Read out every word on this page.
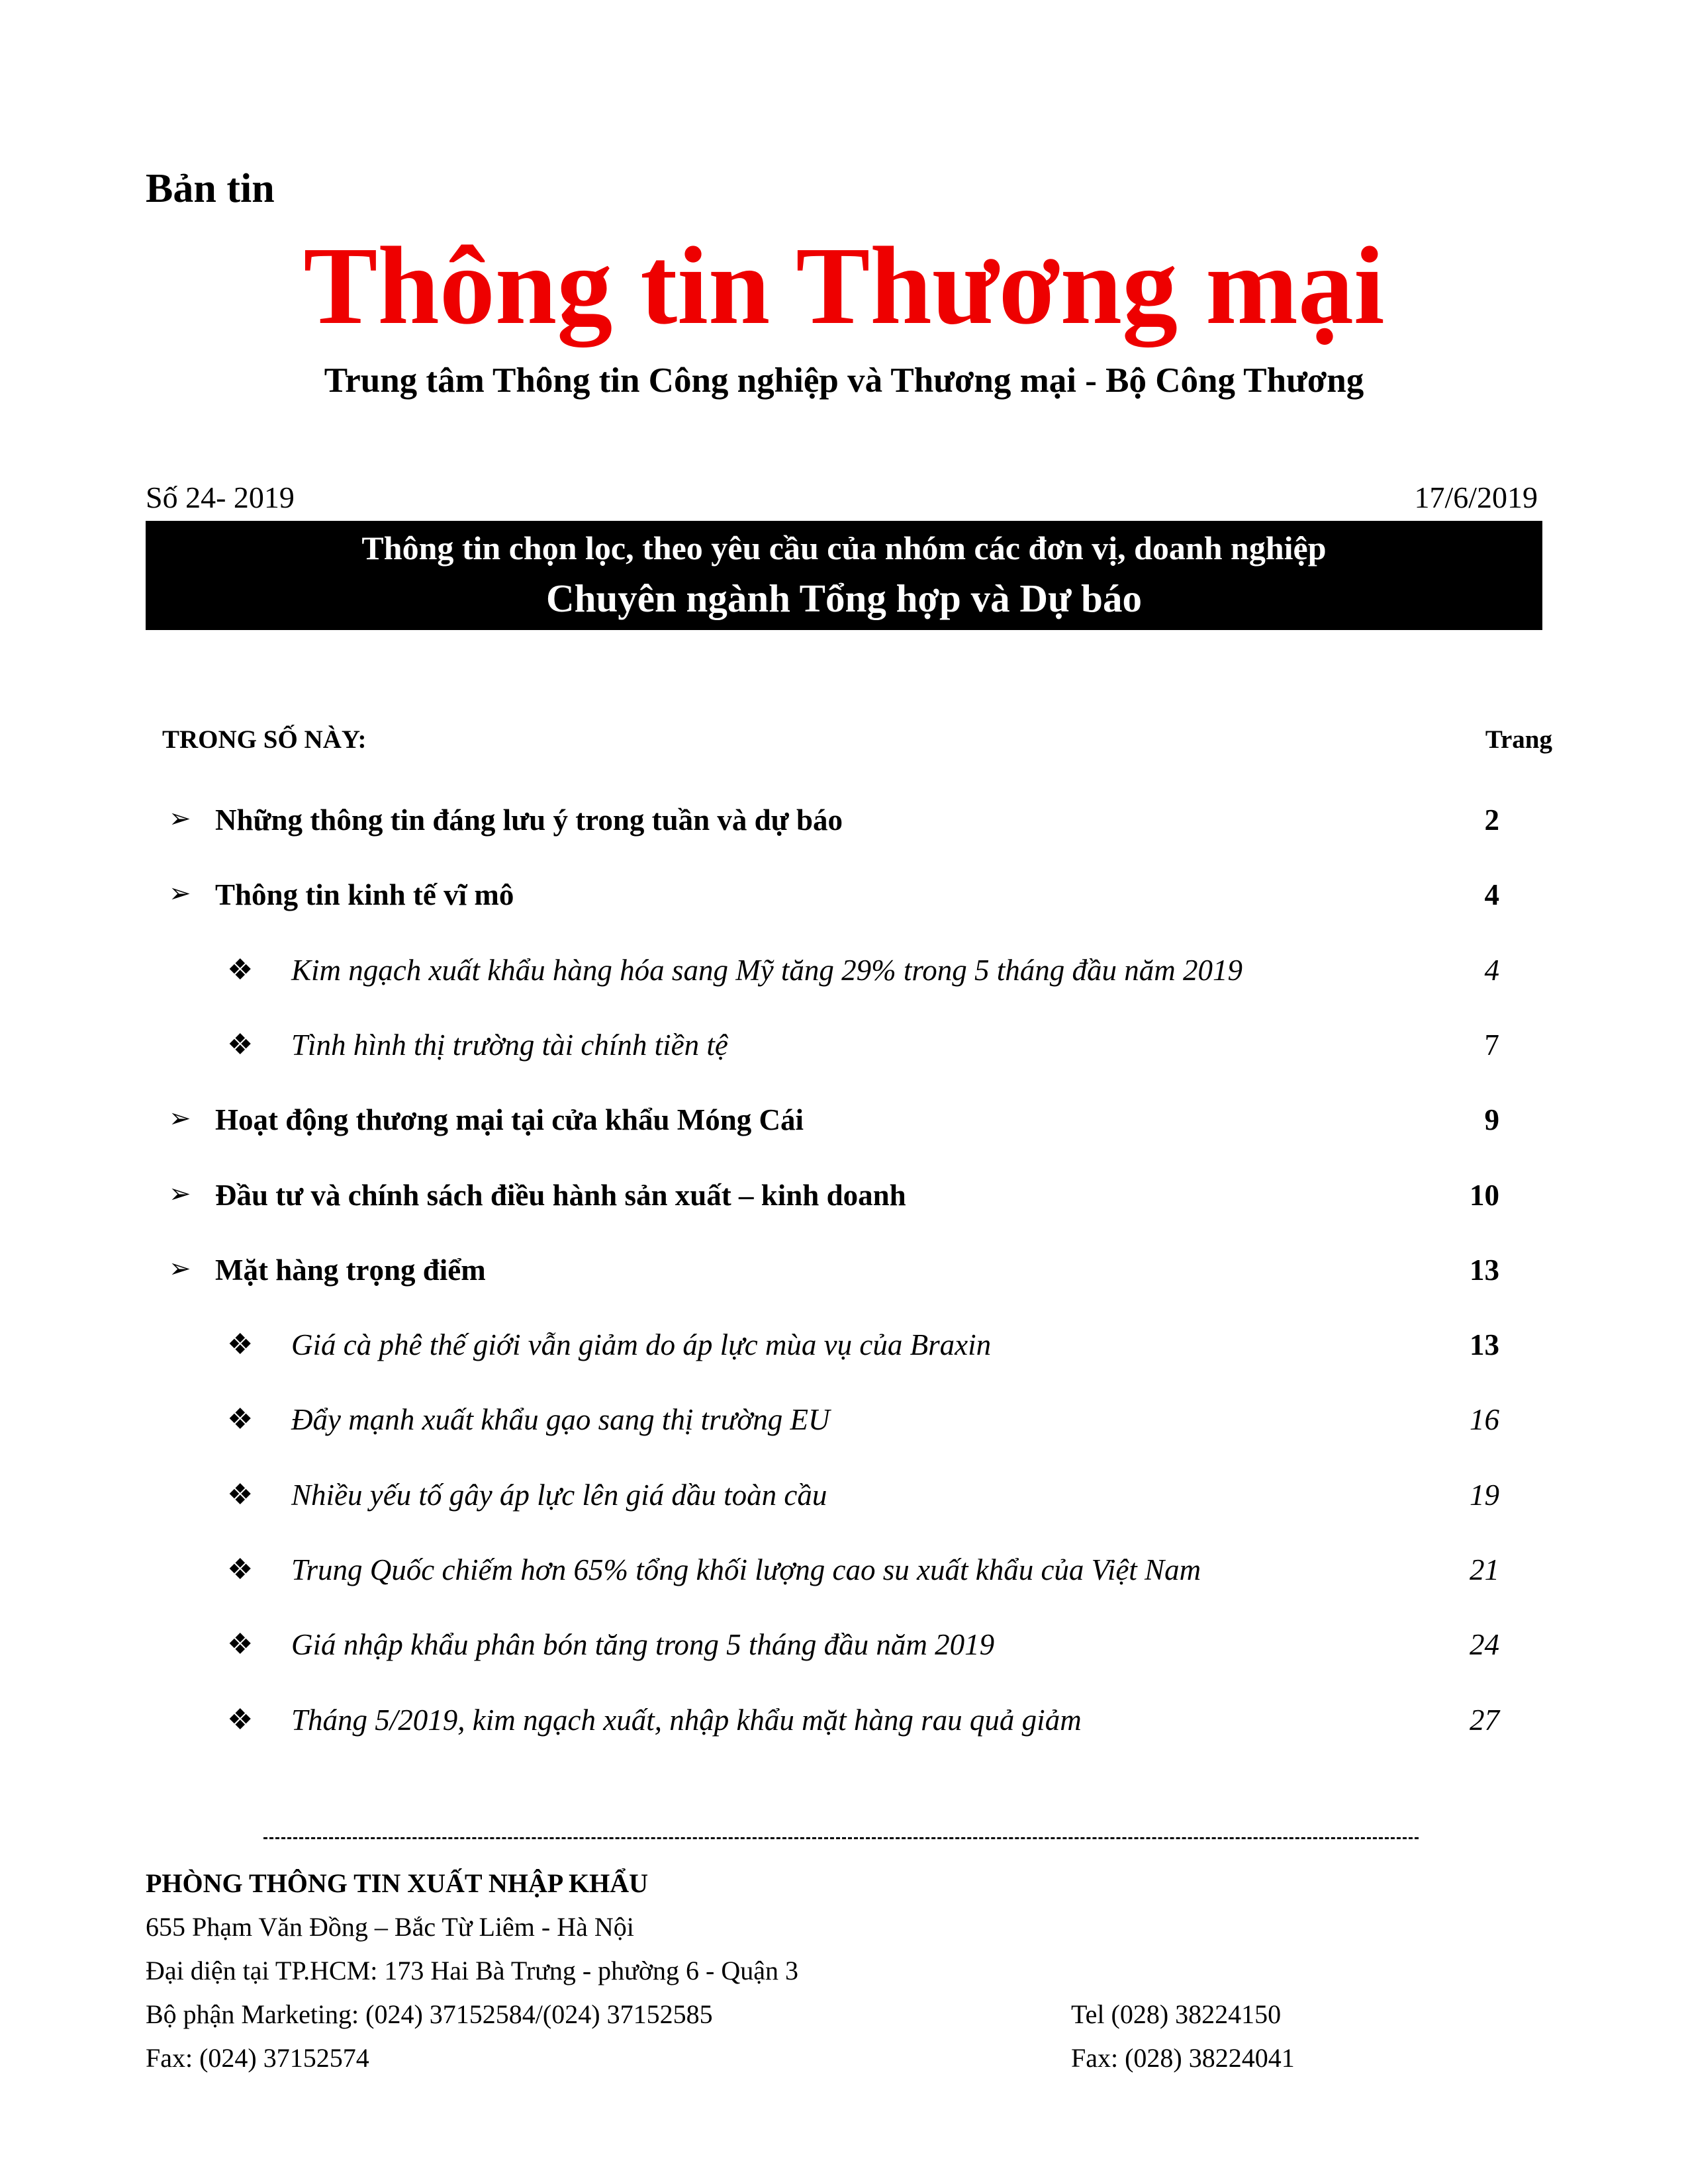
Bản tin
Thông tin Thương mại
Trung tâm Thông tin Công nghiệp và Thương mại - Bộ Công Thương
Số 24- 2019	17/6/2019
Thông tin chọn lọc, theo yêu cầu của nhóm các đơn vị, doanh nghiệp
Chuyên ngành Tổng hợp và Dự báo
TRONG SỐ NÀY:	Trang
➢ Những thông tin đáng lưu ý trong tuần và dự báo	2
➢ Thông tin kinh tế vĩ mô	4
❖ Kim ngạch xuất khẩu hàng hóa sang Mỹ tăng 29% trong 5 tháng đầu năm 2019	4
❖ Tình hình thị trường tài chính tiền tệ	7
➢ Hoạt động thương mại tại cửa khẩu Móng Cái	9
➢ Đầu tư và chính sách điều hành sản xuất – kinh doanh	10
➢ Mặt hàng trọng điểm	13
❖ Giá cà phê thế giới vẫn giảm do áp lực mùa vụ của Braxin	13
❖ Đẩy mạnh xuất khẩu gạo sang thị trường EU	16
❖ Nhiều yếu tố gây áp lực lên giá dầu toàn cầu	19
❖ Trung Quốc chiếm hơn 65% tổng khối lượng cao su xuất khẩu của Việt Nam	21
❖ Giá nhập khẩu phân bón tăng trong 5 tháng đầu năm 2019	24
❖ Tháng 5/2019, kim ngạch xuất, nhập khẩu mặt hàng rau quả giảm	27
PHÒNG THÔNG TIN XUẤT NHẬP KHẨU
655 Phạm Văn Đồng – Bắc Từ Liêm - Hà Nội
Đại diện tại TP.HCM: 173 Hai Bà Trưng - phường 6 - Quận 3
Bộ phận Marketing: (024) 37152584/(024) 37152585
Fax: (024) 37152574
Tel (028) 38224150
Fax: (028) 38224041
